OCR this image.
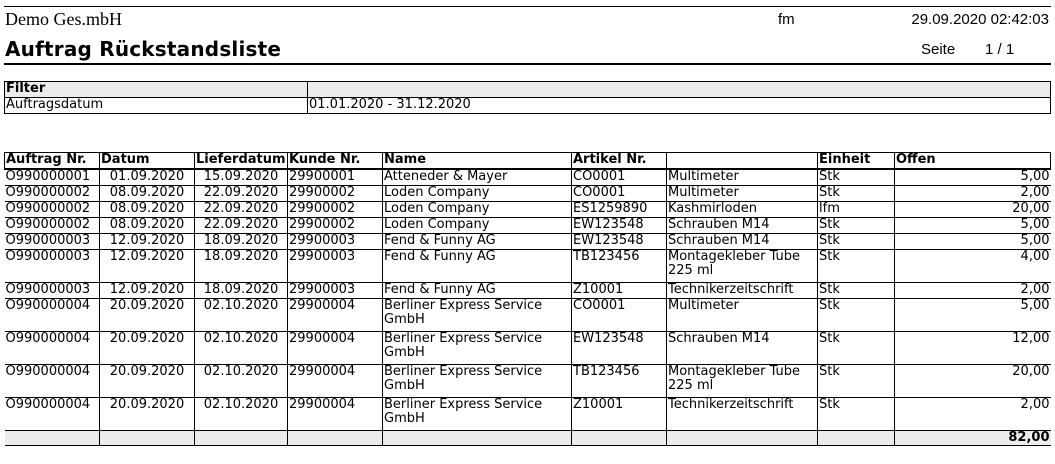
Demo Ges.mbH	fm	29.09.2020 02:42:03
Auftrag Rückstandsliste	Seite 1 / 1
Filter	
Auftragsdatum	01.01.2020 - 31.12.2020
Auftrag Nr.	Datum	Lieferdatum	Kunde Nr.	Name	Artikel Nr.		Einheit	Offen
O990000001	01.09.2020	15.09.2020	29900001	Atteneder & Mayer	CO0001	Multimeter	Stk	5,00
O990000002	08.09.2020	22.09.2020	29900002	Loden Company	CO0001	Multimeter	Stk	2,00
O990000002	08.09.2020	22.09.2020	29900002	Loden Company	ES1259890	Kashmirloden	lfm	20,00
O990000002	08.09.2020	22.09.2020	29900002	Loden Company	EW123548	Schrauben M14	Stk	5,00
O990000003	12.09.2020	18.09.2020	29900003	Fend & Funny AG	EW123548	Schrauben M14	Stk	5,00
O990000003	12.09.2020	18.09.2020	29900003	Fend & Funny AG	TB123456	Montagekleber Tube 225 ml	Stk	4,00
O990000003	12.09.2020	18.09.2020	29900003	Fend & Funny AG	Z10001	Technikerzeitschrift	Stk	2,00
O990000004	20.09.2020	02.10.2020	29900004	Berliner Express Service GmbH	CO0001	Multimeter	Stk	5,00
O990000004	20.09.2020	02.10.2020	29900004	Berliner Express Service GmbH	EW123548	Schrauben M14	Stk	12,00
O990000004	20.09.2020	02.10.2020	29900004	Berliner Express Service GmbH	TB123456	Montagekleber Tube 225 ml	Stk	20,00
O990000004	20.09.2020	02.10.2020	29900004	Berliner Express Service GmbH	Z10001	Technikerzeitschrift	Stk	2,00
								82,00
